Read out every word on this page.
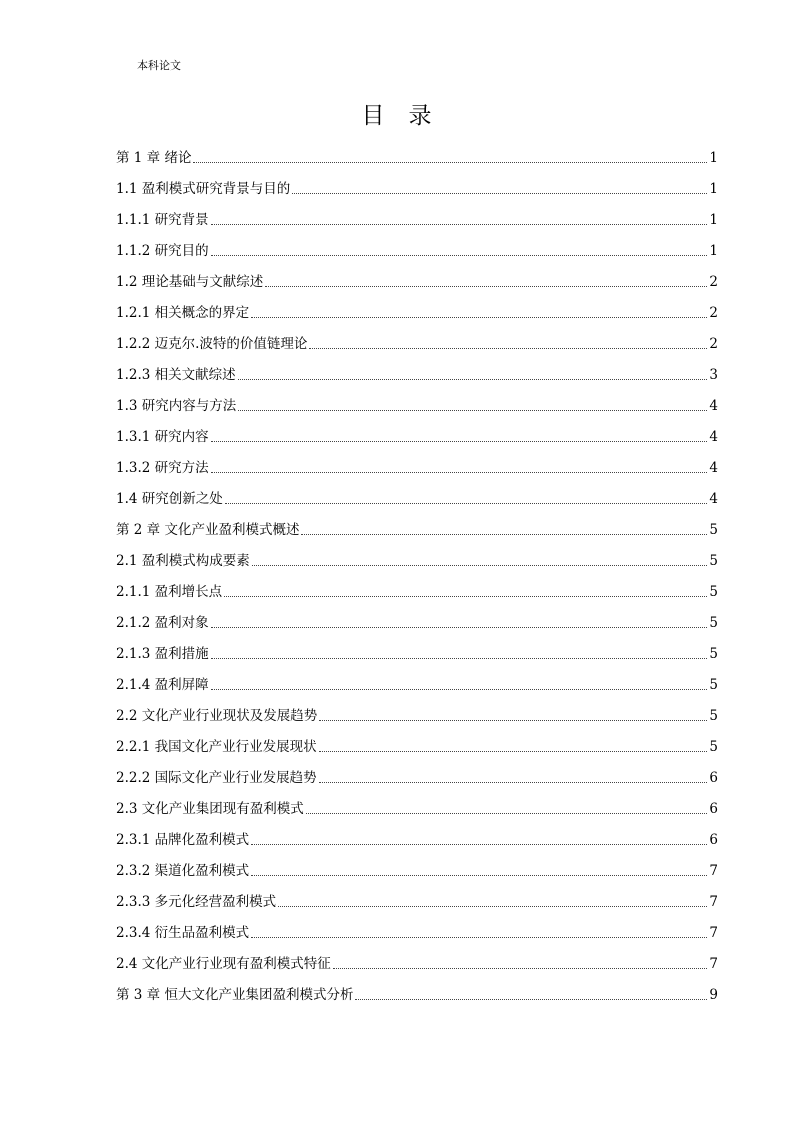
本科论文
目录
第 1 章 绪论	1
1.1 盈利模式研究背景与目的	1
1.1.1 研究背景	1
1.1.2 研究目的	1
1.2 理论基础与文献综述	2
1.2.1 相关概念的界定	2
1.2.2 迈克尔.波特的价值链理论	2
1.2.3 相关文献综述	3
1.3 研究内容与方法	4
1.3.1 研究内容	4
1.3.2 研究方法	4
1.4 研究创新之处	4
第 2 章 文化产业盈利模式概述	5
2.1 盈利模式构成要素	5
2.1.1 盈利增长点	5
2.1.2 盈利对象	5
2.1.3 盈利措施	5
2.1.4 盈利屏障	5
2.2 文化产业行业现状及发展趋势	5
2.2.1 我国文化产业行业发展现状	5
2.2.2 国际文化产业行业发展趋势	6
2.3 文化产业集团现有盈利模式	6
2.3.1 品牌化盈利模式	6
2.3.2 渠道化盈利模式	7
2.3.3 多元化经营盈利模式	7
2.3.4 衍生品盈利模式	7
2.4 文化产业行业现有盈利模式特征	7
第 3 章 恒大文化产业集团盈利模式分析	9
